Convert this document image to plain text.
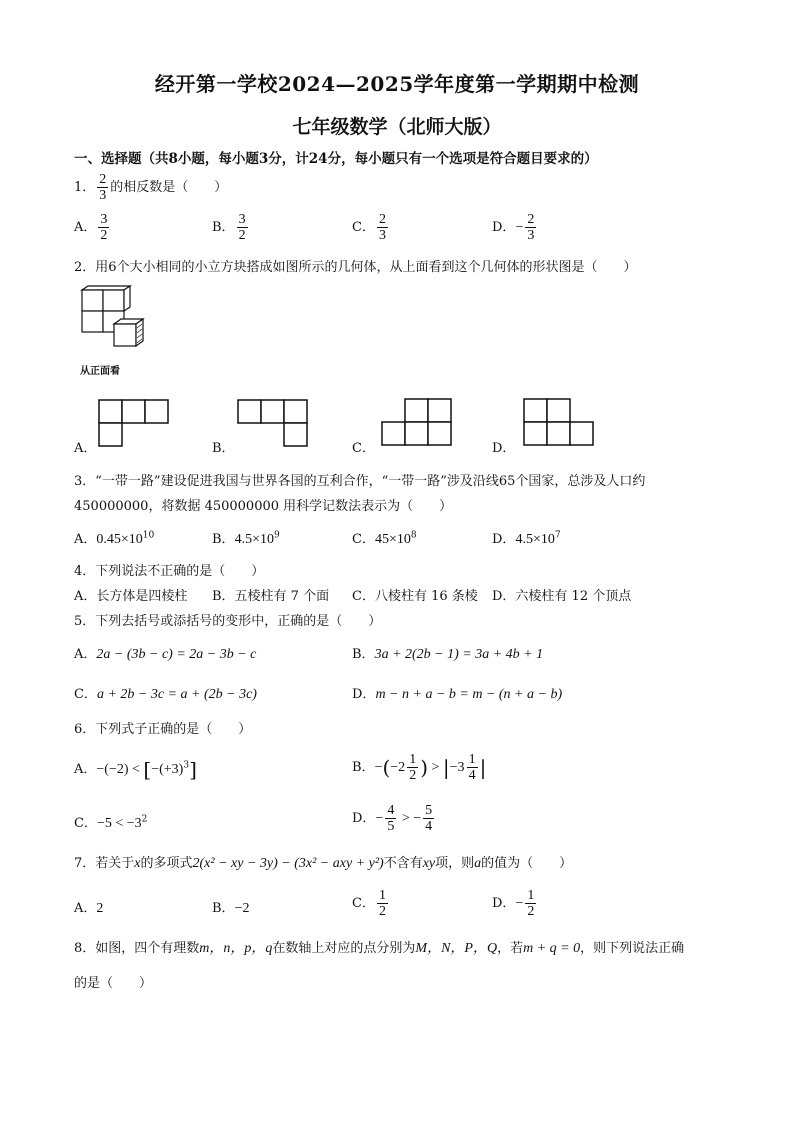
经开第一学校2024—2025学年度第一学期期中检测
七年级数学（北师大版）
一、选择题（共8小题，每小题3分，计24分，每小题只有一个选项是符合题目要求的）
1． $\frac{2}{3}$ 的相反数是（　　）
A． $\frac{3}{2}$	B． $\frac{3}{2}$	C． $\frac{2}{3}$	D．− $\frac{2}{3}$
2．用6个大小相同的小立方块搭成如图所示的几何体，从上面看到这个几何体的形状图是（　　）
从正面看
A．	B．	C．	D．
3．“一带一路”建设促进我国与世界各国的互利合作，“一带一路”涉及沿线65个国家，总涉及人口约
450000000，将数据 450000000 用科学记数法表示为（　　）
A．$0.45\times 10^{10}$	B．$4.5\times 10^9$	C．$45\times 10^8$	D．$4.5\times 10^7$
4．下列说法不正确的是（　　）
A．长方体是四棱柱 B．五棱柱有 7 个面 C．八棱柱有 16 条棱 D．六棱柱有 12 个顶点
5．下列去括号或添括号的变形中，正确的是（　　）
A．2a − (3b − c) = 2a − 3b − c	B．3a + 2(2b − 1) = 3a + 4b + 1
C．a + 2b − 3c = a + (2b − 3c)	D．m − n + a − b = m − (n + a − b)
6．下列式子正确的是（　　）
A．$-(-2) < [-(+3)^3]$	B．$-(-2 \frac{1}{2}$ ) > $|-3 \frac{1}{4}$ |
C．$-5 < -3^2$	D．− $\frac{4}{5}$ > − $\frac{5}{4}$
7．若关于x的多项式2(x² − xy − 3y) − (3x² − axy + y²)不含有xy项，则a的值为（　　）
A．2	B．−2	C． $\frac{1}{2}$	D．− $\frac{1}{2}$
8．如图，四个有理数m，n，p，q在数轴上对应的点分别为M，N，P，Q，若m + q = 0，则下列说法正确
的是（　　）
